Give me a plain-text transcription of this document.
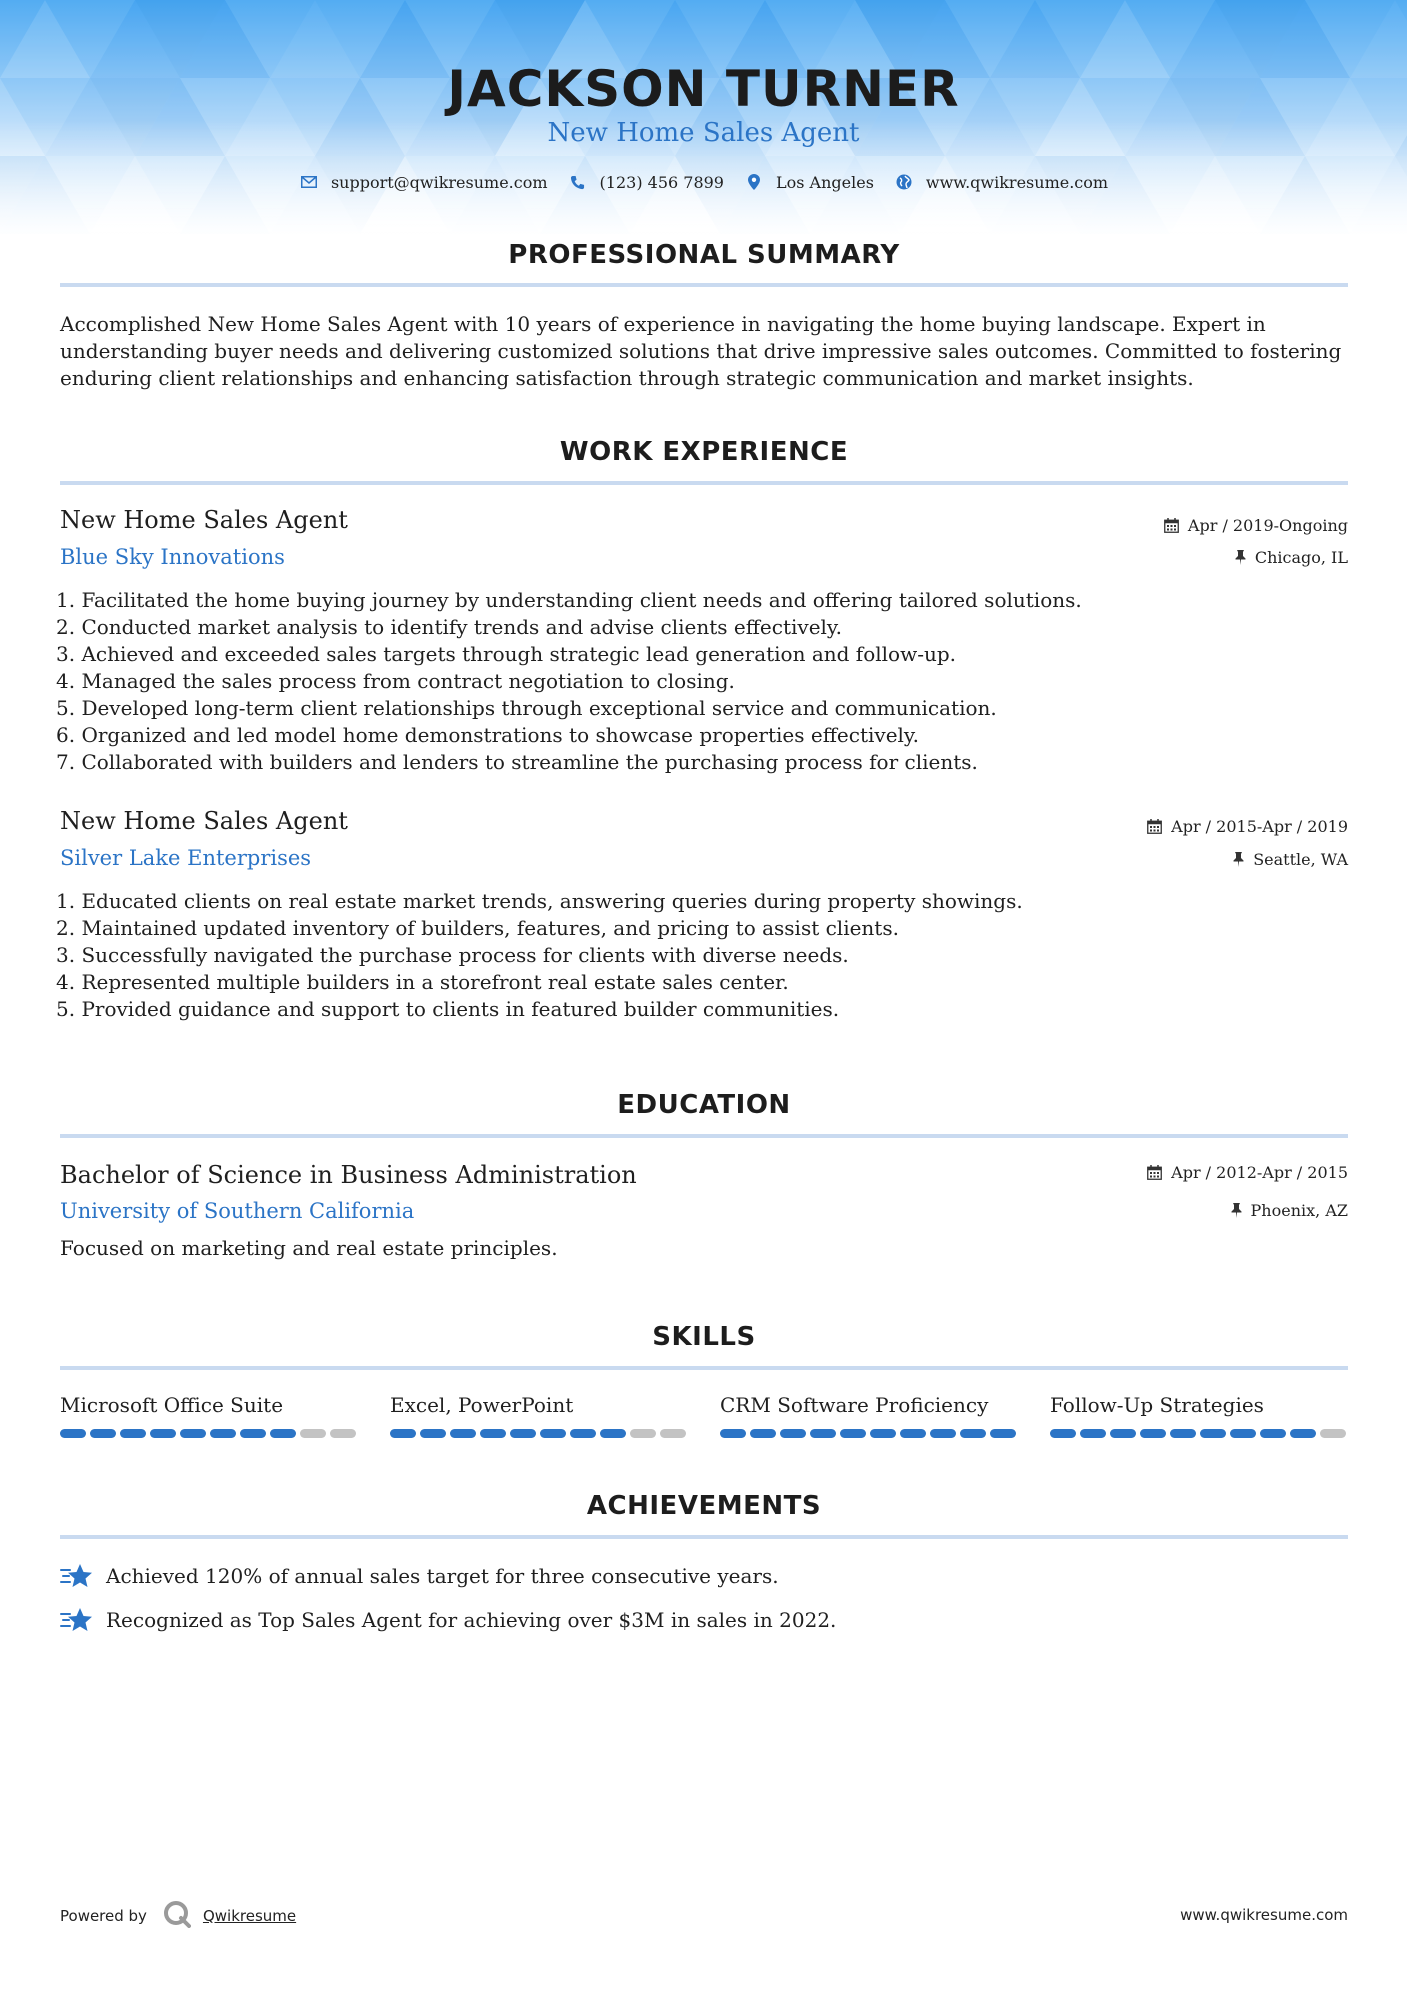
JACKSON TURNER
New Home Sales Agent
support@qwikresume.com	(123) 456 7899	Los Angeles	www.qwikresume.com
PROFESSIONAL SUMMARY
Accomplished New Home Sales Agent with 10 years of experience in navigating the home buying landscape. Expert in understanding buyer needs and delivering customized solutions that drive impressive sales outcomes. Committed to fostering enduring client relationships and enhancing satisfaction through strategic communication and market insights.
WORK EXPERIENCE
New Home Sales Agent
Blue Sky Innovations
Apr / 2019-Ongoing
Chicago, IL
1. Facilitated the home buying journey by understanding client needs and offering tailored solutions.
2. Conducted market analysis to identify trends and advise clients effectively.
3. Achieved and exceeded sales targets through strategic lead generation and follow-up.
4. Managed the sales process from contract negotiation to closing.
5. Developed long-term client relationships through exceptional service and communication.
6. Organized and led model home demonstrations to showcase properties effectively.
7. Collaborated with builders and lenders to streamline the purchasing process for clients.
New Home Sales Agent
Silver Lake Enterprises
Apr / 2015-Apr / 2019
Seattle, WA
1. Educated clients on real estate market trends, answering queries during property showings.
2. Maintained updated inventory of builders, features, and pricing to assist clients.
3. Successfully navigated the purchase process for clients with diverse needs.
4. Represented multiple builders in a storefront real estate sales center.
5. Provided guidance and support to clients in featured builder communities.
EDUCATION
Bachelor of Science in Business Administration
University of Southern California
Apr / 2012-Apr / 2015
Phoenix, AZ
Focused on marketing and real estate principles.
SKILLS
Microsoft Office Suite	Excel, PowerPoint	CRM Software Proficiency	Follow-Up Strategies
ACHIEVEMENTS
Achieved 120% of annual sales target for three consecutive years.
Recognized as Top Sales Agent for achieving over $3M in sales in 2022.
Powered by	Qwikresume	www.qwikresume.com
